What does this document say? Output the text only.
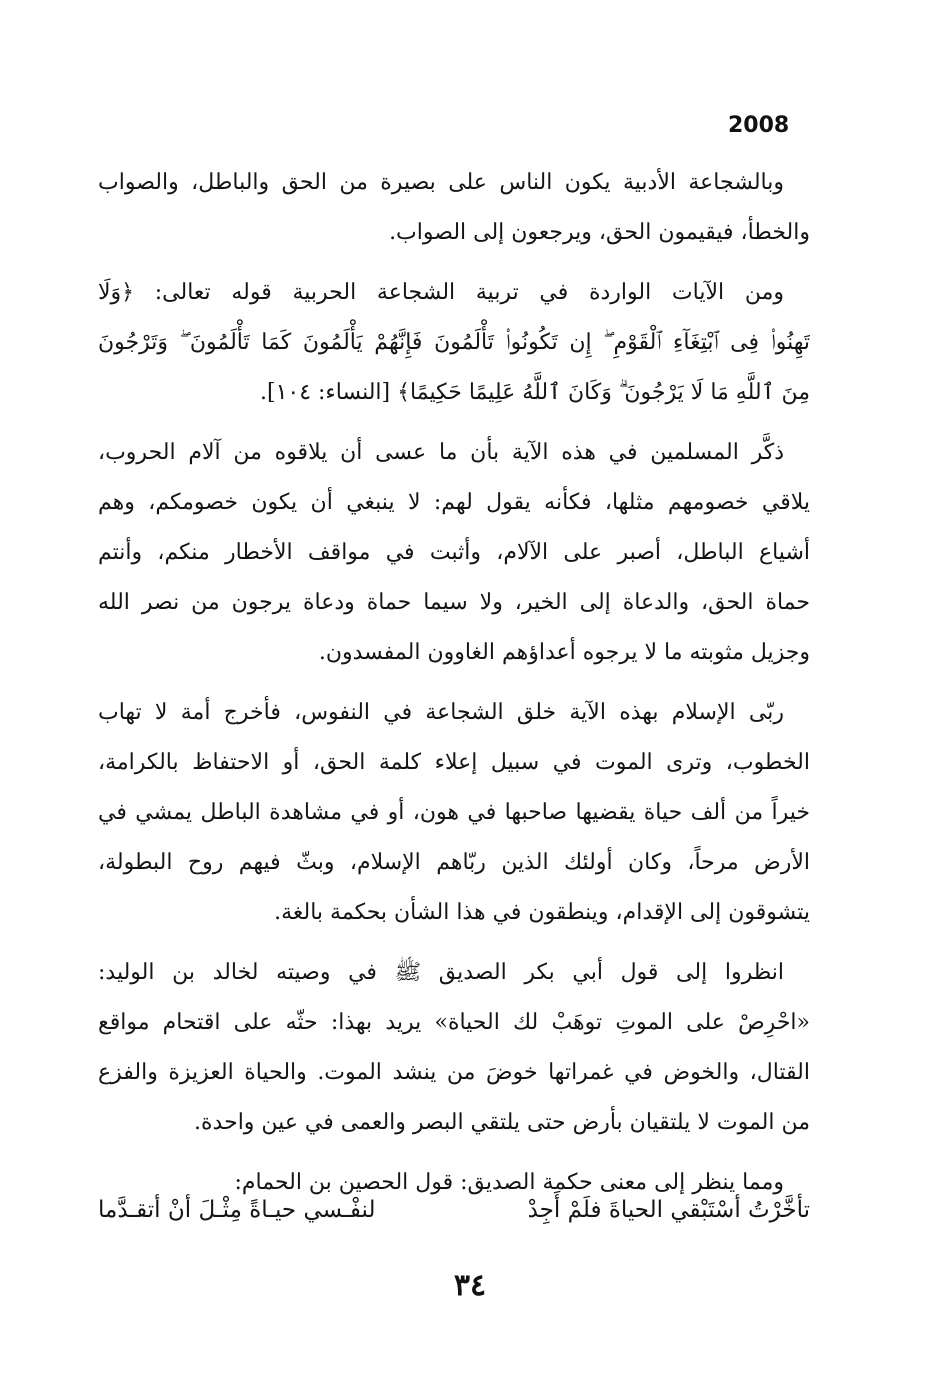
2008
وبالشجاعة الأدبية يكون الناس على بصيرة من الحق والباطل، والصواب
والخطأ، فيقيمون الحق، ويرجعون إلى الصواب.
ومن الآيات الواردة في تربية الشجاعة الحربية قوله تعالى: ﴿وَلَا
تَهِنُوا۟ فِى ٱبْتِغَآءِ ٱلْقَوْمِ ۖ إِن تَكُونُوا۟ تَأْلَمُونَ فَإِنَّهُمْ يَأْلَمُونَ كَمَا تَأْلَمُونَ ۖ وَتَرْجُونَ
مِنَ ٱللَّهِ مَا لَا يَرْجُونَ ۗ وَكَانَ ٱللَّهُ عَلِيمًا حَكِيمًا﴾ [النساء: ١٠٤].
ذكَّر المسلمين في هذه الآية بأن ما عسى أن يلاقوه من آلام الحروب،
يلاقي خصومهم مثلها، فكأنه يقول لهم: لا ينبغي أن يكون خصومكم، وهم
أشياع الباطل، أصبر على الآلام، وأثبت في مواقف الأخطار منكم، وأنتم
حماة الحق، والدعاة إلى الخير، ولا سيما حماة ودعاة يرجون من نصر الله
وجزيل مثوبته ما لا يرجوه أعداؤهم الغاوون المفسدون.
ربّى الإسلام بهذه الآية خلق الشجاعة في النفوس، فأخرج أمة لا تهاب
الخطوب، وترى الموت في سبيل إعلاء كلمة الحق، أو الاحتفاظ بالكرامة،
خيراً من ألف حياة يقضيها صاحبها في هون، أو في مشاهدة الباطل يمشي في
الأرض مرحاً، وكان أولئك الذين ربّاهم الإسلام، وبثّ فيهم روح البطولة،
يتشوقون إلى الإقدام، وينطقون في هذا الشأن بحكمة بالغة.
انظروا إلى قول أبي بكر الصديق ﷺ في وصيته لخالد بن الوليد:
«احْرِصْ على الموتِ توهَبْ لك الحياة» يريد بهذا: حثّه على اقتحام مواقع
القتال، والخوض في غمراتها خوضَ من ينشد الموت. والحياة العزيزة والفزع
من الموت لا يلتقيان بأرض حتى يلتقي البصر والعمى في عين واحدة.
ومما ينظر إلى معنى حكمة الصديق: قول الحصين بن الحمام:
تأخَّرْتُ أسْتَبْقي الحياةَ فلَمْ أَجِدْ
لنفْـسي حيـاةً مِثْـلَ أنْ أتقـدَّما
٣٤
